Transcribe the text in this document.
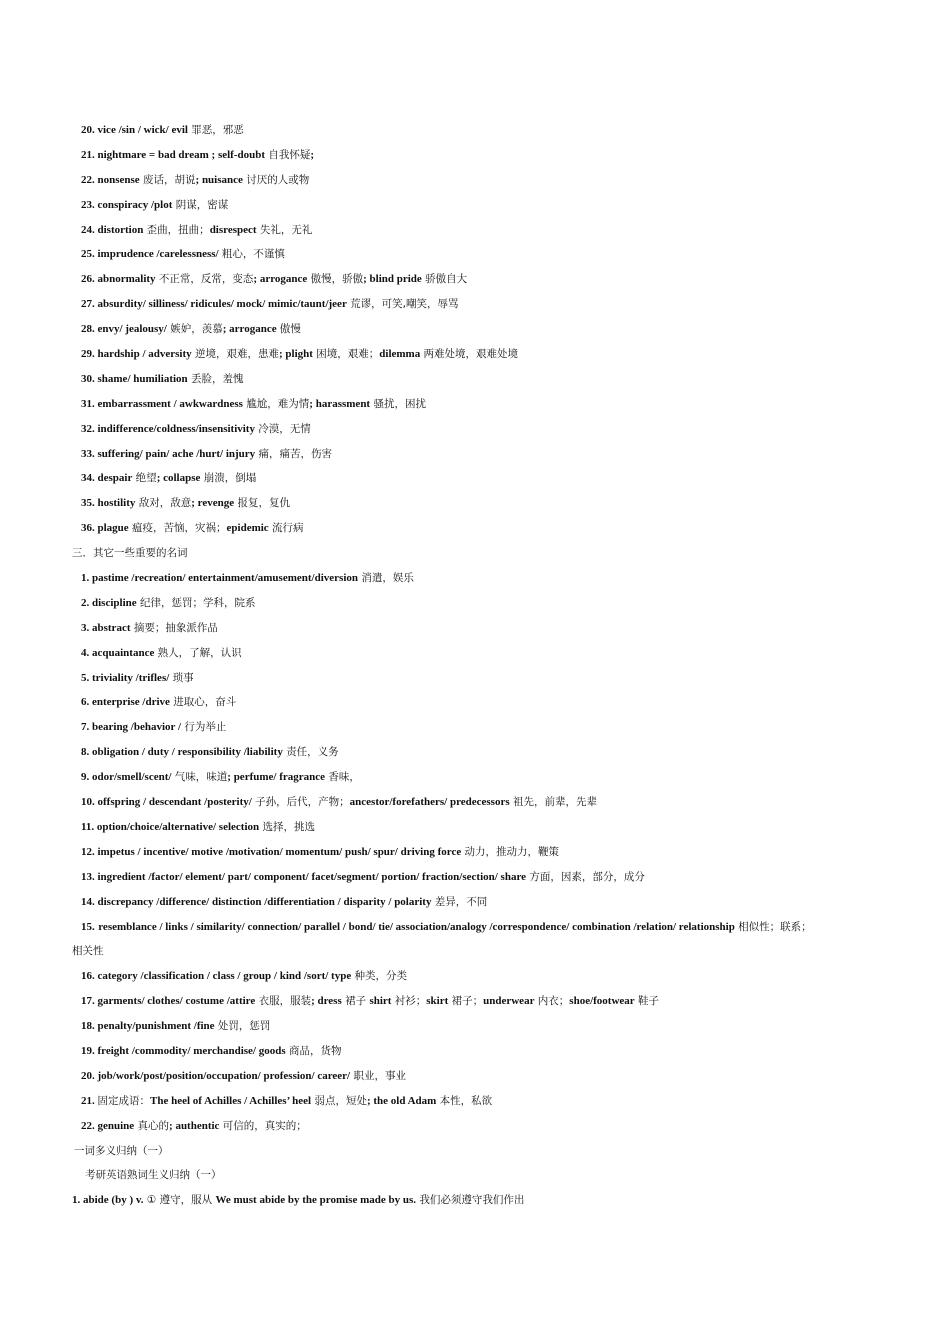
20. vice /sin / wick/ evil 罪恶，邪恶
21. nightmare = bad dream ; self-doubt 自我怀疑;
22. nonsense 废话，胡说; nuisance 讨厌的人或物
23. conspiracy /plot 阴谋，密谋
24. distortion 歪曲，扭曲；disrespect 失礼，无礼
25. imprudence /carelessness/ 粗心，不谨慎
26. abnormality 不正常，反常，变态; arrogance 傲慢，骄傲; blind pride 骄傲自大
27. absurdity/ silliness/ ridicules/ mock/ mimic/taunt/jeer 荒谬，可笑,嘲笑，辱骂
28. envy/ jealousy/ 嫉妒，羡慕; arrogance 傲慢
29. hardship / adversity 逆境，艰难，患难; plight 困境，艰难；dilemma 两难处境，艰难处境
30. shame/ humiliation 丢脸，羞愧
31. embarrassment / awkwardness 尴尬，难为情; harassment 骚扰，困扰
32. indifference/coldness/insensitivity 冷漠，无情
33. suffering/ pain/ ache /hurt/ injury 痛，痛苦，伤害
34. despair 绝望; collapse 崩溃，倒塌
35. hostility 敌对，敌意; revenge 报复，复仇
36. plague 瘟疫，苦恼，灾祸；epidemic 流行病
三．其它一些重要的名词
1. pastime /recreation/ entertainment/amusement/diversion 消遣，娱乐
2. discipline 纪律，惩罚；学科，院系
3. abstract 摘要；抽象派作品
4. acquaintance 熟人，了解，认识
5. triviality /trifles/ 琐事
6. enterprise /drive 进取心，奋斗
7. bearing /behavior / 行为举止
8. obligation / duty / responsibility /liability 责任，义务
9. odor/smell/scent/ 气味，味道; perfume/ fragrance 香味，
10. offspring / descendant /posterity/ 子孙，后代，产物；ancestor/forefathers/ predecessors 祖先，前辈，先辈
11. option/choice/alternative/ selection 选择，挑选
12. impetus / incentive/ motive /motivation/ momentum/ push/ spur/ driving force 动力，推动力，鞭策
13. ingredient /factor/ element/ part/ component/ facet/segment/ portion/ fraction/section/ share 方面，因素，部分，成分
14. discrepancy /difference/ distinction /differentiation / disparity / polarity 差异，不同
15. resemblance / links / similarity/ connection/ parallel / bond/ tie/ association/analogy /correspondence/ combination /relation/ relationship 相似性；联系；
相关性
16. category /classification / class / group / kind /sort/ type 种类，分类
17. garments/ clothes/ costume /attire 衣服，服装; dress 裙子 shirt 衬衫；skirt 裙子；underwear 内衣；shoe/footwear 鞋子
18. penalty/punishment /fine 处罚，惩罚
19. freight /commodity/ merchandise/ goods 商品，货物
20. job/work/post/position/occupation/ profession/ career/ 职业，事业
21. 固定成语：The heel of Achilles / Achilles’ heel 弱点，短处; the old Adam 本性，私欲
22. genuine 真心的; authentic 可信的，真实的；
一词多义归纳（一）
考研英语熟词生义归纳（一）
1. abide (by ) v. ① 遵守，服从 We must abide by the promise made by us. 我们必须遵守我们作出
